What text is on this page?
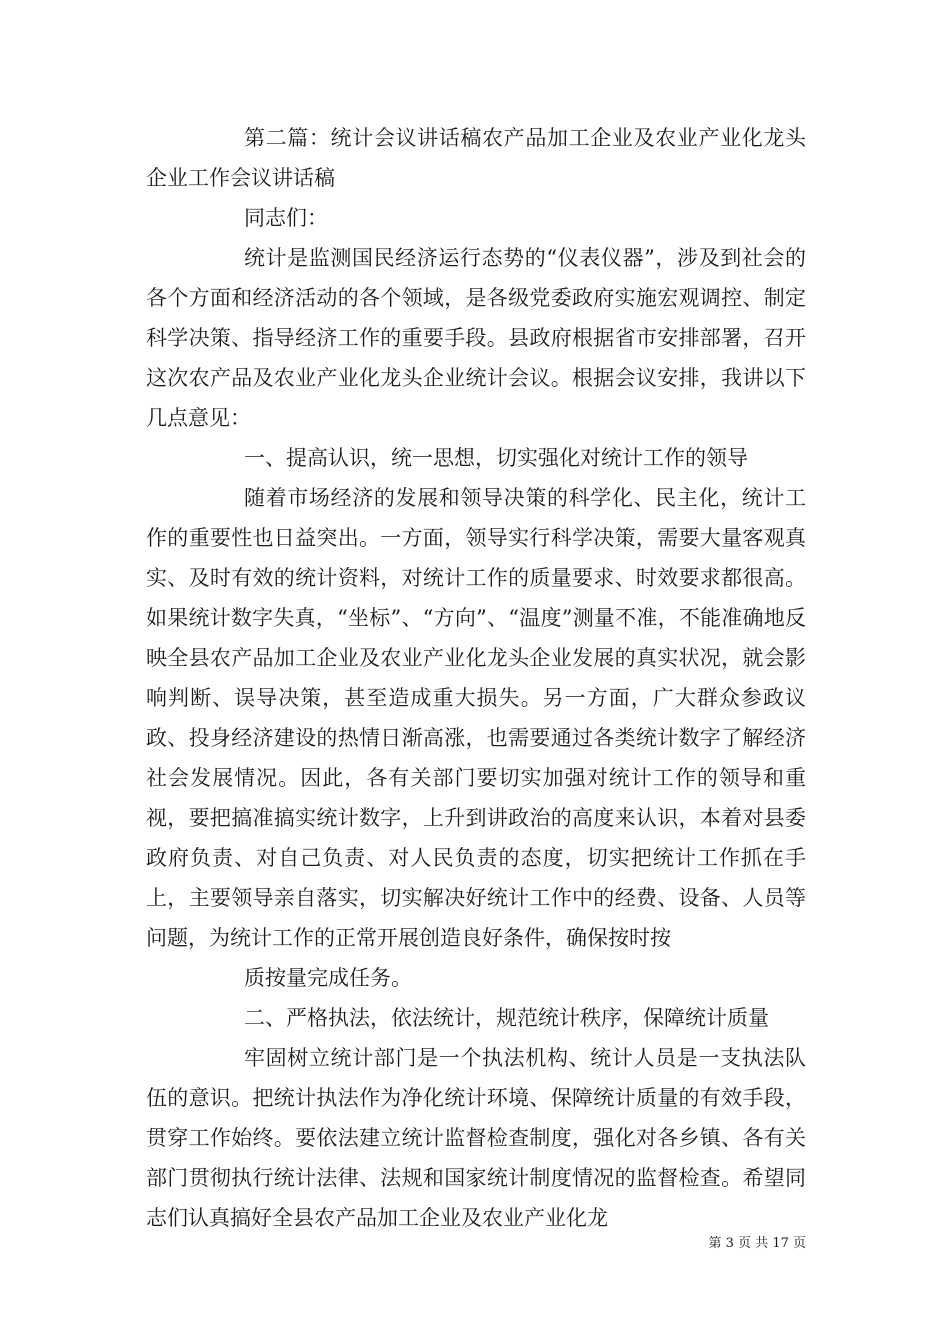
第二篇：统计会议讲话稿农产品加工企业及农业产业化龙头企业工作会议讲话稿

同志们：

统计是监测国民经济运行态势的“仪表仪器”，涉及到社会的各个方面和经济活动的各个领域，是各级党委政府实施宏观调控、制定科学决策、指导经济工作的重要手段。县政府根据省市安排部署，召开这次农产品及农业产业化龙头企业统计会议。根据会议安排，我讲以下几点意见：

一、提高认识，统一思想，切实强化对统计工作的领导

随着市场经济的发展和领导决策的科学化、民主化，统计工作的重要性也日益突出。一方面，领导实行科学决策，需要大量客观真实、及时有效的统计资料，对统计工作的质量要求、时效要求都很高。如果统计数字失真，“坐标”、“方向”、“温度”测量不准，不能准确地反映全县农产品加工企业及农业产业化龙头企业发展的真实状况，就会影响判断、误导决策，甚至造成重大损失。另一方面，广大群众参政议政、投身经济建设的热情日渐高涨，也需要通过各类统计数字了解经济社会发展情况。因此，各有关部门要切实加强对统计工作的领导和重视，要把搞准搞实统计数字，上升到讲政治的高度来认识，本着对县委政府负责、对自己负责、对人民负责的态度，切实把统计工作抓在手上，主要领导亲自落实，切实解决好统计工作中的经费、设备、人员等问题，为统计工作的正常开展创造良好条件，确保按时按

质按量完成任务。

二、严格执法，依法统计，规范统计秩序，保障统计质量

牢固树立统计部门是一个执法机构、统计人员是一支执法队伍的意识。把统计执法作为净化统计环境、保障统计质量的有效手段，贯穿工作始终。要依法建立统计监督检查制度，强化对各乡镇、各有关部门贯彻执行统计法律、法规和国家统计制度情况的监督检查。希望同志们认真搞好全县农产品加工企业及农业产业化龙

第 3 页 共 17 页
